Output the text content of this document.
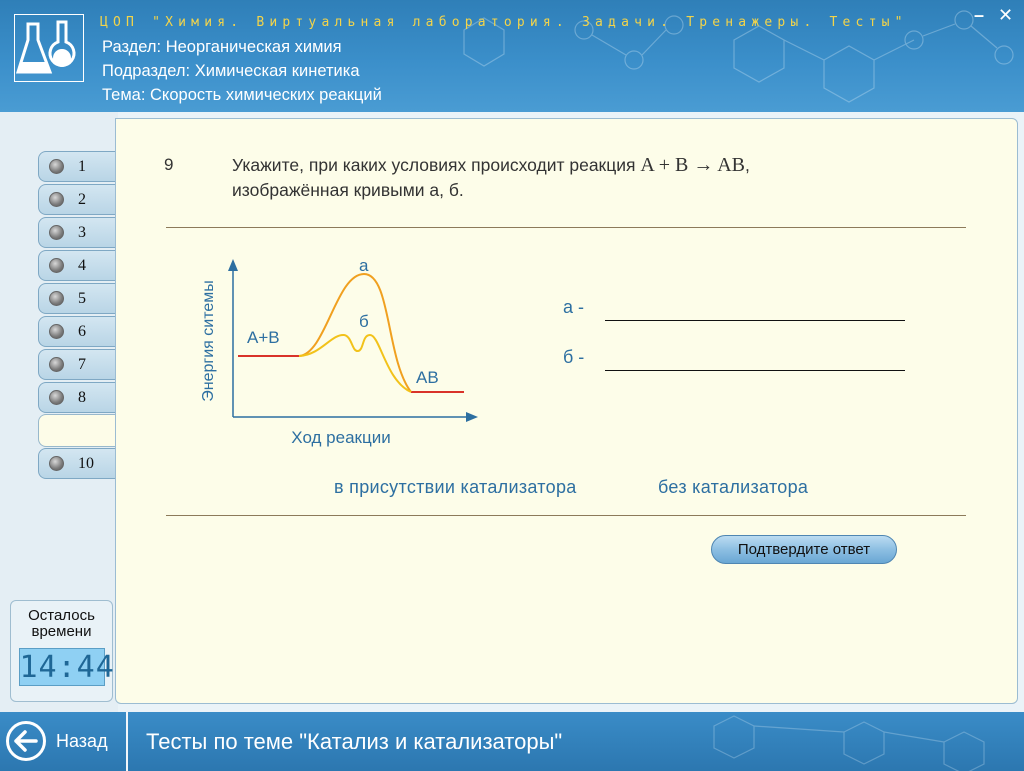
ЦОП "Химия. Виртуальная лаборатория. Задачи. Тренажеры. Тесты"
Раздел: Неорганическая химия
Подраздел: Химическая кинетика
Тема: Скорость химических реакций
– ✕
1
2
3
4
5
6
7
8
10
Осталось
времени
14:44
9	Укажите, при каких условиях происходит реакция A + B → AB,
изображённая кривыми а, б.
Энергия ситемы
Ход реакции
А+В
АВ
а
б
а -
б -
в присутствии катализатора	без катализатора
Подтвердите ответ
Назад Тесты по теме "Катализ и катализаторы"
